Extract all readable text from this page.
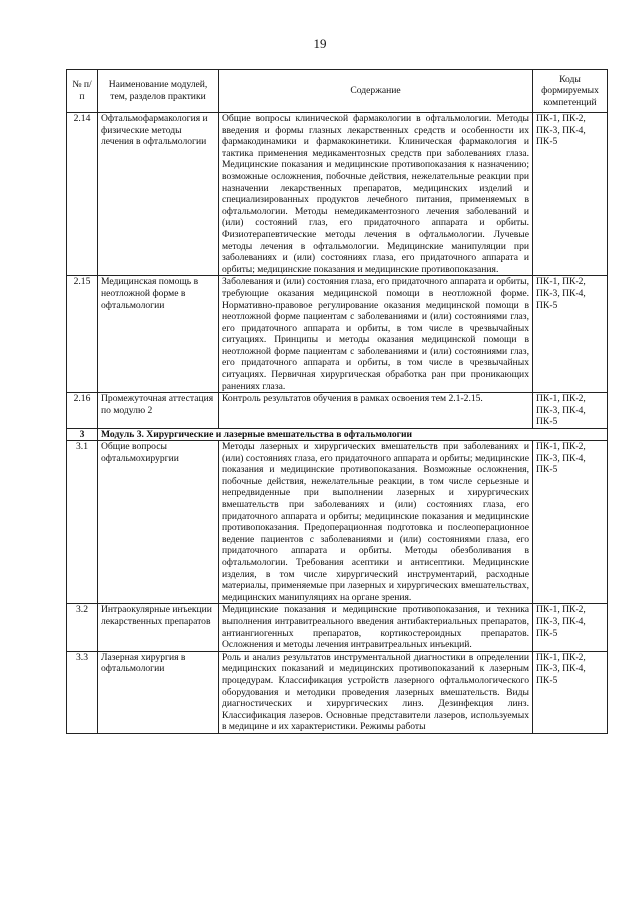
19
№ п/п	Наименование модулей, тем, разделов практики	Содержание	Коды формируемых компетенций
2.14	Офтальмофармакология и физические методы лечения в офтальмологии	Общие вопросы клинической фармакологии в офтальмологии. Методы введения и формы глазных лекарственных средств и особенности их фармакодинамики и фармакокинетики. Клиническая фармакология и тактика применения медикаментозных средств при заболеваниях глаза. Медицинские показания и медицинские противопоказания к назначению; возможные осложнения, побочные действия, нежелательные реакции при назначении лекарственных препаратов, медицинских изделий и специализированных продуктов лечебного питания, применяемых в офтальмологии. Методы немедикаментозного лечения заболеваний и (или) состояний глаз, его придаточного аппарата и орбиты. Физиотерапевтические методы лечения в офтальмологии. Лучевые методы лечения в офтальмологии. Медицинские манипуляции при заболеваниях и (или) состояниях глаза, его придаточного аппарата и орбиты; медицинские показания и медицинские противопоказания.	ПК-1, ПК-2, ПК-3, ПК-4, ПК-5
2.15	Медицинская помощь в неотложной форме в офтальмологии	Заболевания и (или) состояния глаза, его придаточного аппарата и орбиты, требующие оказания медицинской помощи в неотложной форме. Нормативно-правовое регулирование оказания медицинской помощи в неотложной форме пациентам с заболеваниями и (или) состояниями глаз, его придаточного аппарата и орбиты, в том числе в чрезвычайных ситуациях. Принципы и методы оказания медицинской помощи в неотложной форме пациентам с заболеваниями и (или) состояниями глаз, его придаточного аппарата и орбиты, в том числе в чрезвычайных ситуациях. Первичная хирургическая обработка ран при проникающих ранениях глаза.	ПК-1, ПК-2, ПК-3, ПК-4, ПК-5
2.16	Промежуточная аттестация по модулю 2	Контроль результатов обучения в рамках освоения тем 2.1-2.15.	ПК-1, ПК-2, ПК-3, ПК-4, ПК-5
3	Модуль 3. Хирургические и лазерные вмешательства в офтальмологии		
3.1	Общие вопросы офтальмохирургии	Методы лазерных и хирургических вмешательств при заболеваниях и (или) состояниях глаза, его придаточного аппарата и орбиты; медицинские показания и медицинские противопоказания. Возможные осложнения, побочные действия, нежелательные реакции, в том числе серьезные и непредвиденные при выполнении лазерных и хирургических вмешательств при заболеваниях и (или) состояниях глаза, его придаточного аппарата и орбиты; медицинские показания и медицинские противопоказания. Предоперационная подготовка и послеоперационное ведение пациентов с заболеваниями и (или) состояниями глаза, его придаточного аппарата и орбиты. Методы обезболивания в офтальмологии. Требования асептики и антисептики. Медицинские изделия, в том числе хирургический инструментарий, расходные материалы, применяемые при лазерных и хирургических вмешательствах, медицинских манипуляциях на органе зрения.	ПК-1, ПК-2, ПК-3, ПК-4, ПК-5
3.2	Интраокулярные инъекции лекарственных препаратов	Медицинские показания и медицинские противопоказания, и техника выполнения интравитреального введения антибактериальных препаратов, антиангиогенных препаратов, кортикостероидных препаратов. Осложнения и методы лечения интравитреальных инъекций.	ПК-1, ПК-2, ПК-3, ПК-4, ПК-5
3.3	Лазерная хирургия в офтальмологии	Роль и анализ результатов инструментальной диагностики в определении медицинских показаний и медицинских противопоказаний к лазерным процедурам. Классификация устройств лазерного офтальмологического оборудования и методики проведения лазерных вмешательств. Виды диагностических и хирургических линз. Дезинфекция линз. Классификация лазеров. Основные представители лазеров, используемых в медицине и их характеристики. Режимы работы	ПК-1, ПК-2, ПК-3, ПК-4, ПК-5
